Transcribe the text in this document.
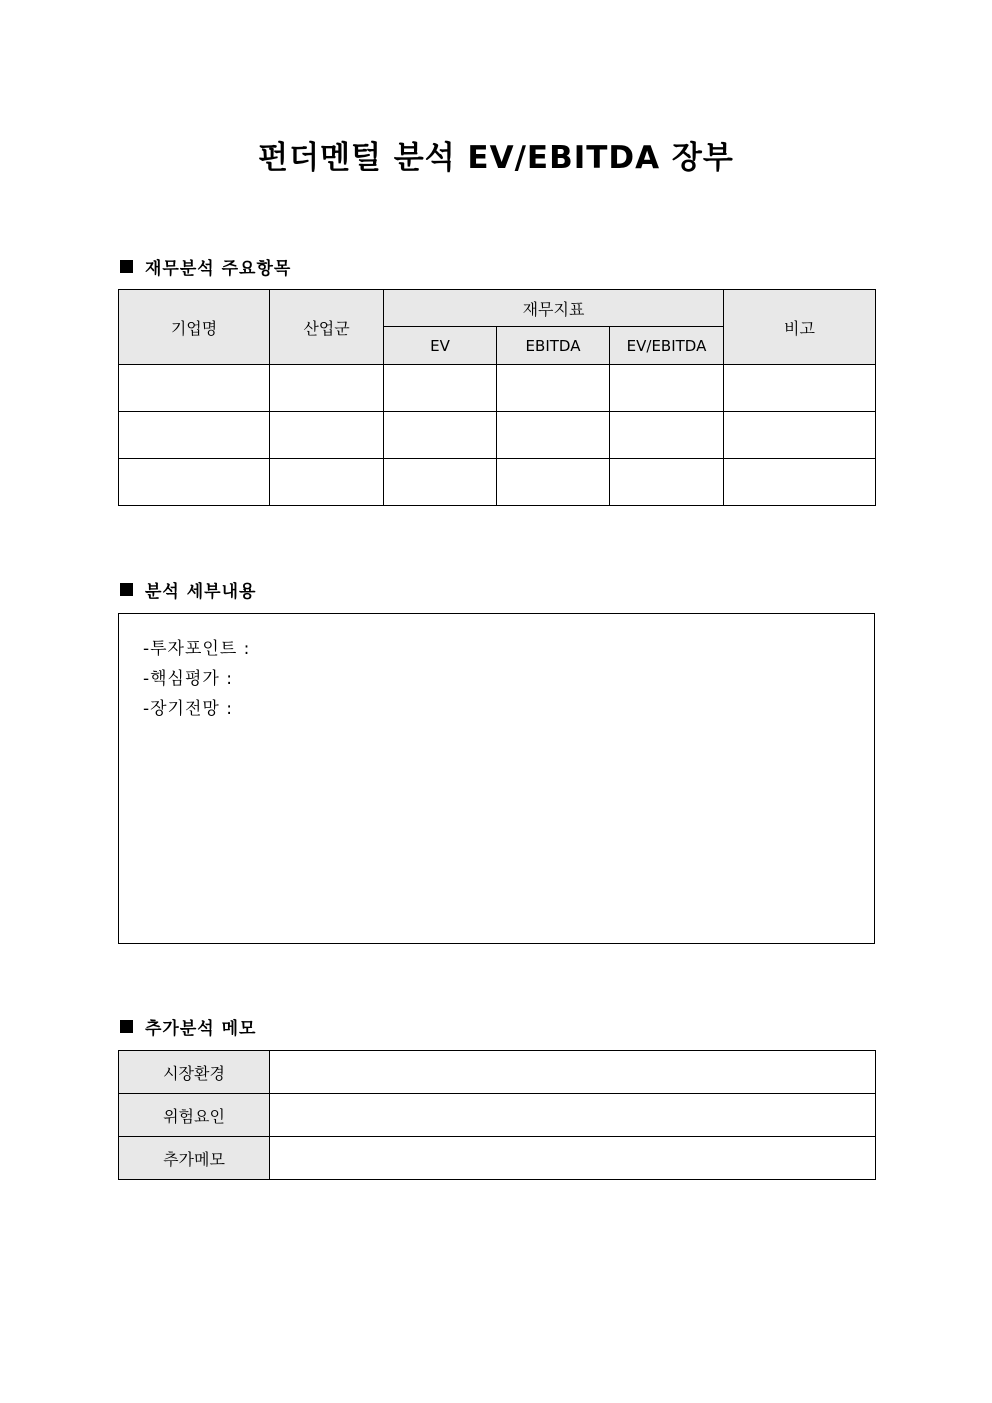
펀더멘털 분석 EV/EBITDA 장부
재무분석 주요항목
기업명	산업군	재무지표			비고
		EV	EBITDA	EV/EBITDA	

분석 세부내용
-투자포인트 :
-핵심평가 :
-장기전망 :
추가분석 메모
시장환경	
위험요인	
추가메모	
